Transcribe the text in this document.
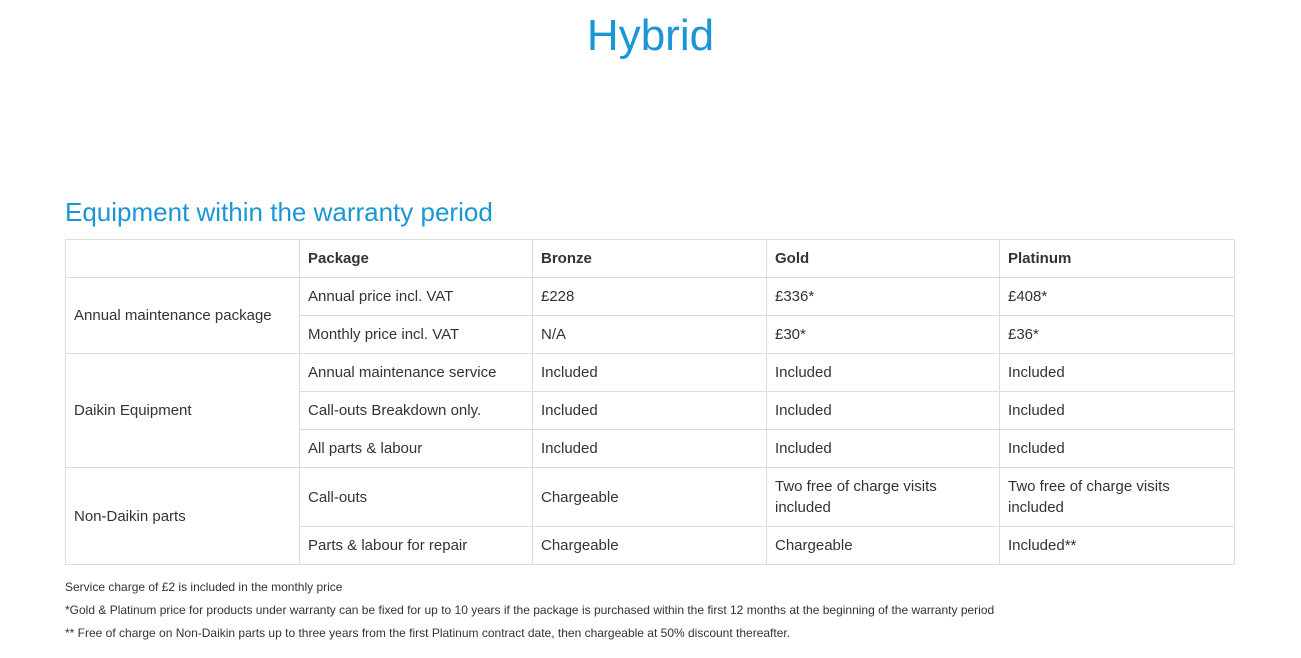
Hybrid
Equipment within the warranty period
	Package	Bronze	Gold	Platinum
Annual maintenance package	Annual price incl. VAT	£228	£336*	£408*
	Monthly price incl. VAT	N/A	£30*	£36*
Daikin Equipment	Annual maintenance service	Included	Included	Included
	Call-outs Breakdown only.	Included	Included	Included
	All parts & labour	Included	Included	Included
Non-Daikin parts	Call-outs	Chargeable	Two free of charge visits included	Two free of charge visits included
	Parts & labour for repair	Chargeable	Chargeable	Included**

Service charge of £2 is included in the monthly price

*Gold & Platinum price for products under warranty can be fixed for up to 10 years if the package is purchased within the first 12 months at the beginning of the warranty period

** Free of charge on Non-Daikin parts up to three years from the first Platinum contract date, then chargeable at 50% discount thereafter.
